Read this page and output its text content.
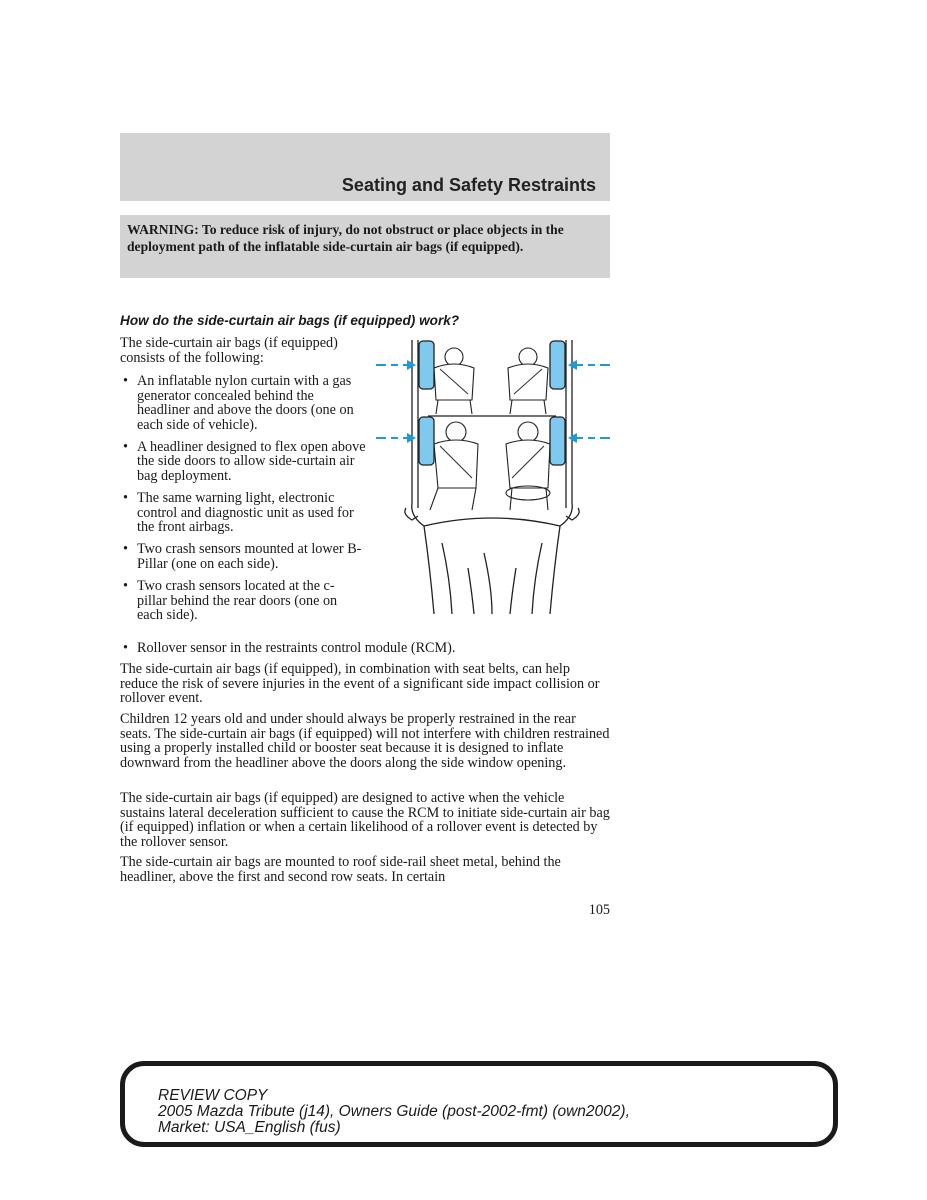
Seating and Safety Restraints
WARNING: To reduce risk of injury, do not obstruct or place objects in the deployment path of the inflatable side-curtain air bags (if equipped).
How do the side-curtain air bags (if equipped) work?
The side-curtain air bags (if equipped) consists of the following:
• An inflatable nylon curtain with a gas generator concealed behind the headliner and above the doors (one on each side of vehicle).
• A headliner designed to flex open above the side doors to allow side-curtain air bag deployment.
• The same warning light, electronic control and diagnostic unit as used for the front airbags.
• Two crash sensors mounted at lower B-Pillar (one on each side).
• Two crash sensors located at the c-pillar behind the rear doors (one on each side).
• Rollover sensor in the restraints control module (RCM).

The side-curtain air bags (if equipped), in combination with seat belts, can help reduce the risk of severe injuries in the event of a significant side impact collision or rollover event.

Children 12 years old and under should always be properly restrained in the rear seats. The side-curtain air bags (if equipped) will not interfere with children restrained using a properly installed child or booster seat because it is designed to inflate downward from the headliner above the doors along the side window opening.

The side-curtain air bags (if equipped) are designed to active when the vehicle sustains lateral deceleration sufficient to cause the RCM to initiate side-curtain air bag (if equipped) inflation or when a certain likelihood of a rollover event is detected by the rollover sensor.

The side-curtain air bags are mounted to roof side-rail sheet metal, behind the headliner, above the first and second row seats. In certain

105
REVIEW COPY
2005 Mazda Tribute (j14), Owners Guide (post-2002-fmt) (own2002),
Market: USA_English (fus)
